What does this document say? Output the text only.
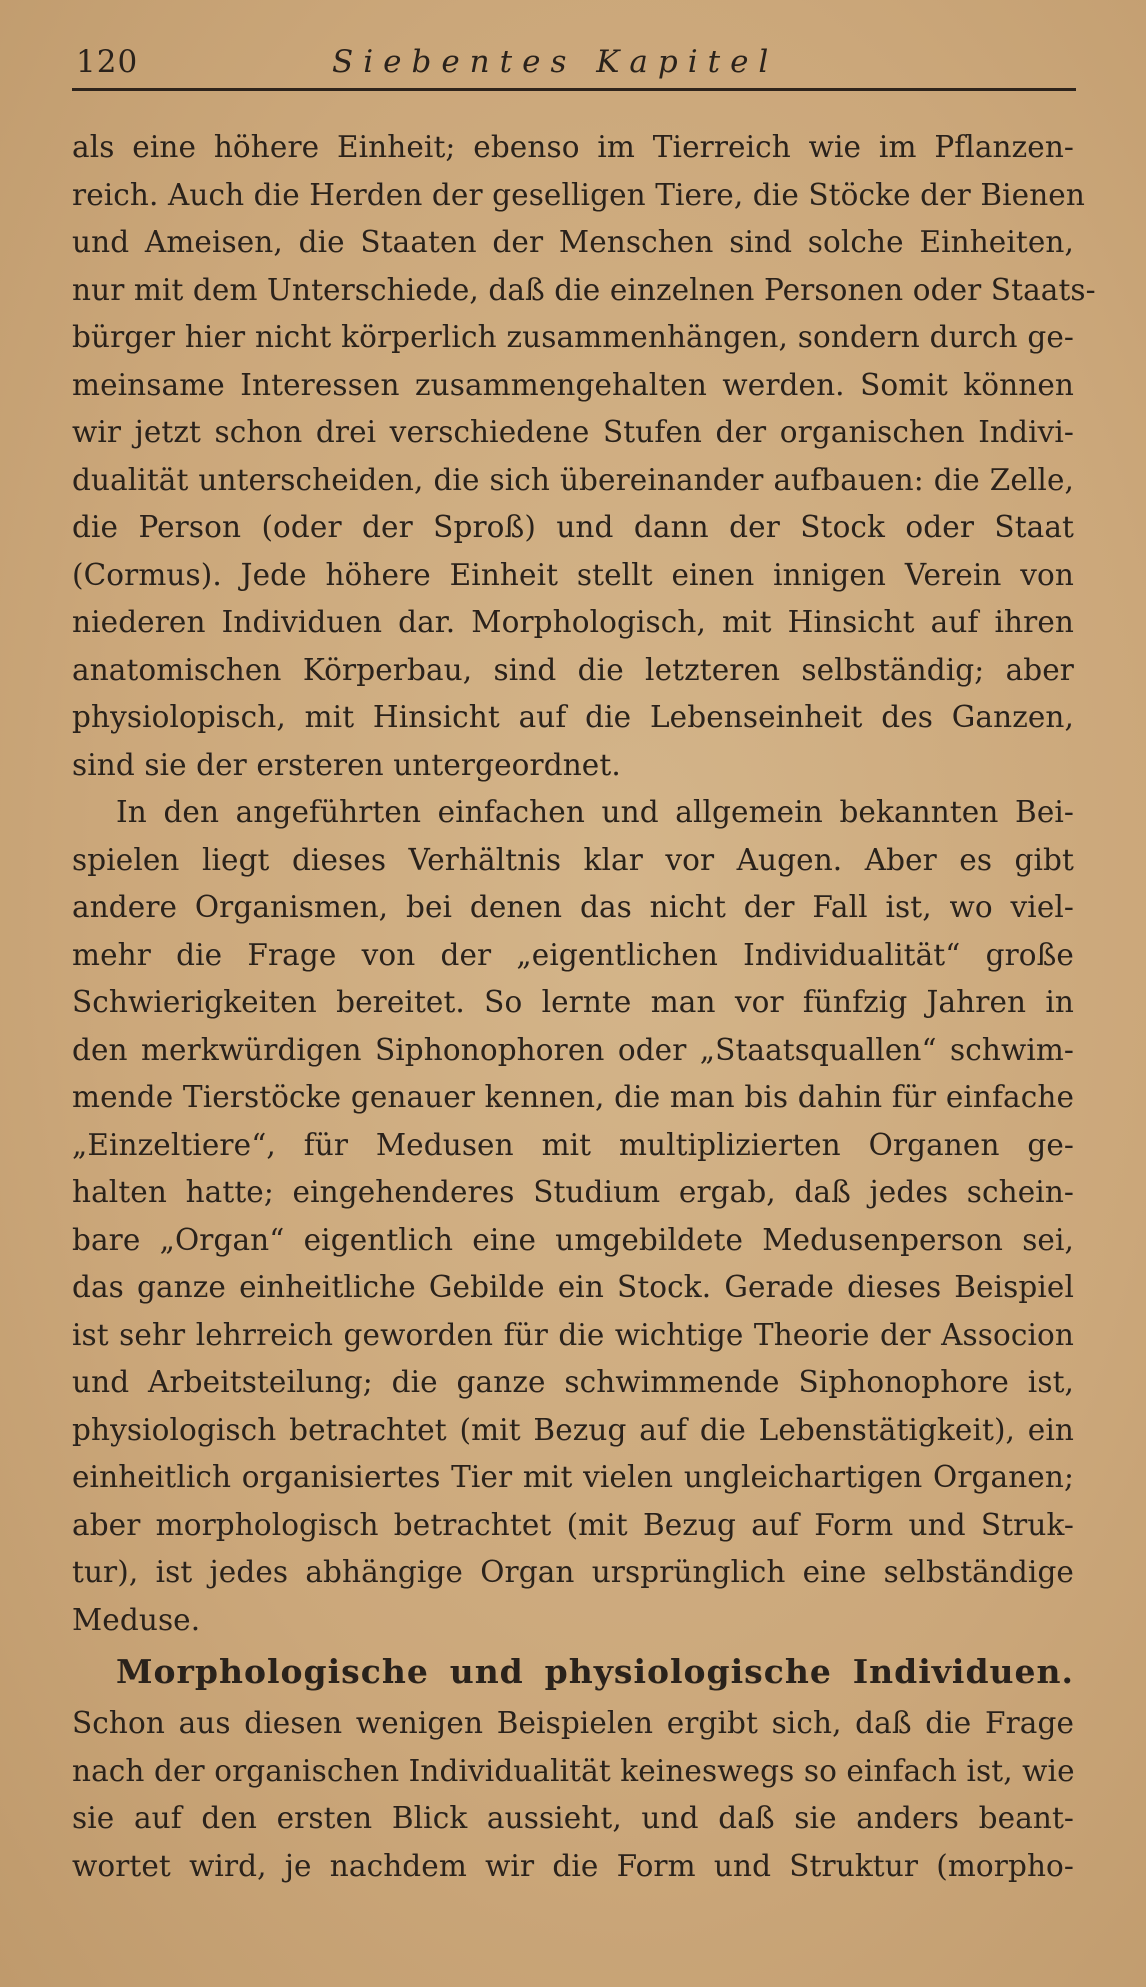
120	Siebentes Kapitel
als eine höhere Einheit; ebenso im Tierreich wie im Pflanzen-
reich. Auch die Herden der geselligen Tiere, die Stöcke der Bienen
und Ameisen, die Staaten der Menschen sind solche Einheiten,
nur mit dem Unterschiede, daß die einzelnen Personen oder Staats-
bürger hier nicht körperlich zusammenhängen, sondern durch ge-
meinsame Interessen zusammengehalten werden. Somit können
wir jetzt schon drei verschiedene Stufen der organischen Indivi-
dualität unterscheiden, die sich übereinander aufbauen: die Zelle,
die Person (oder der Sproß) und dann der Stock oder Staat
(Cormus). Jede höhere Einheit stellt einen innigen Verein von
niederen Individuen dar. Morphologisch, mit Hinsicht auf ihren
anatomischen Körperbau, sind die letzteren selbständig; aber
physiolopisch, mit Hinsicht auf die Lebenseinheit des Ganzen,
sind sie der ersteren untergeordnet.
In den angeführten einfachen und allgemein bekannten Bei-
spielen liegt dieses Verhältnis klar vor Augen. Aber es gibt
andere Organismen, bei denen das nicht der Fall ist, wo viel-
mehr die Frage von der „eigentlichen Individualität“ große
Schwierigkeiten bereitet. So lernte man vor fünfzig Jahren in
den merkwürdigen Siphonophoren oder „Staatsquallen“ schwim-
mende Tierstöcke genauer kennen, die man bis dahin für einfache
„Einzeltiere“, für Medusen mit multiplizierten Organen ge-
halten hatte; eingehenderes Studium ergab, daß jedes schein-
bare „Organ“ eigentlich eine umgebildete Medusenperson sei,
das ganze einheitliche Gebilde ein Stock. Gerade dieses Beispiel
ist sehr lehrreich geworden für die wichtige Theorie der Associon
und Arbeitsteilung; die ganze schwimmende Siphonophore ist,
physiologisch betrachtet (mit Bezug auf die Lebenstätigkeit), ein
einheitlich organisiertes Tier mit vielen ungleichartigen Organen;
aber morphologisch betrachtet (mit Bezug auf Form und Struk-
tur), ist jedes abhängige Organ ursprünglich eine selbständige
Meduse.
Morphologische und physiologische Individuen.
Schon aus diesen wenigen Beispielen ergibt sich, daß die Frage
nach der organischen Individualität keineswegs so einfach ist, wie
sie auf den ersten Blick aussieht, und daß sie anders beant-
wortet wird, je nachdem wir die Form und Struktur (morpho-
